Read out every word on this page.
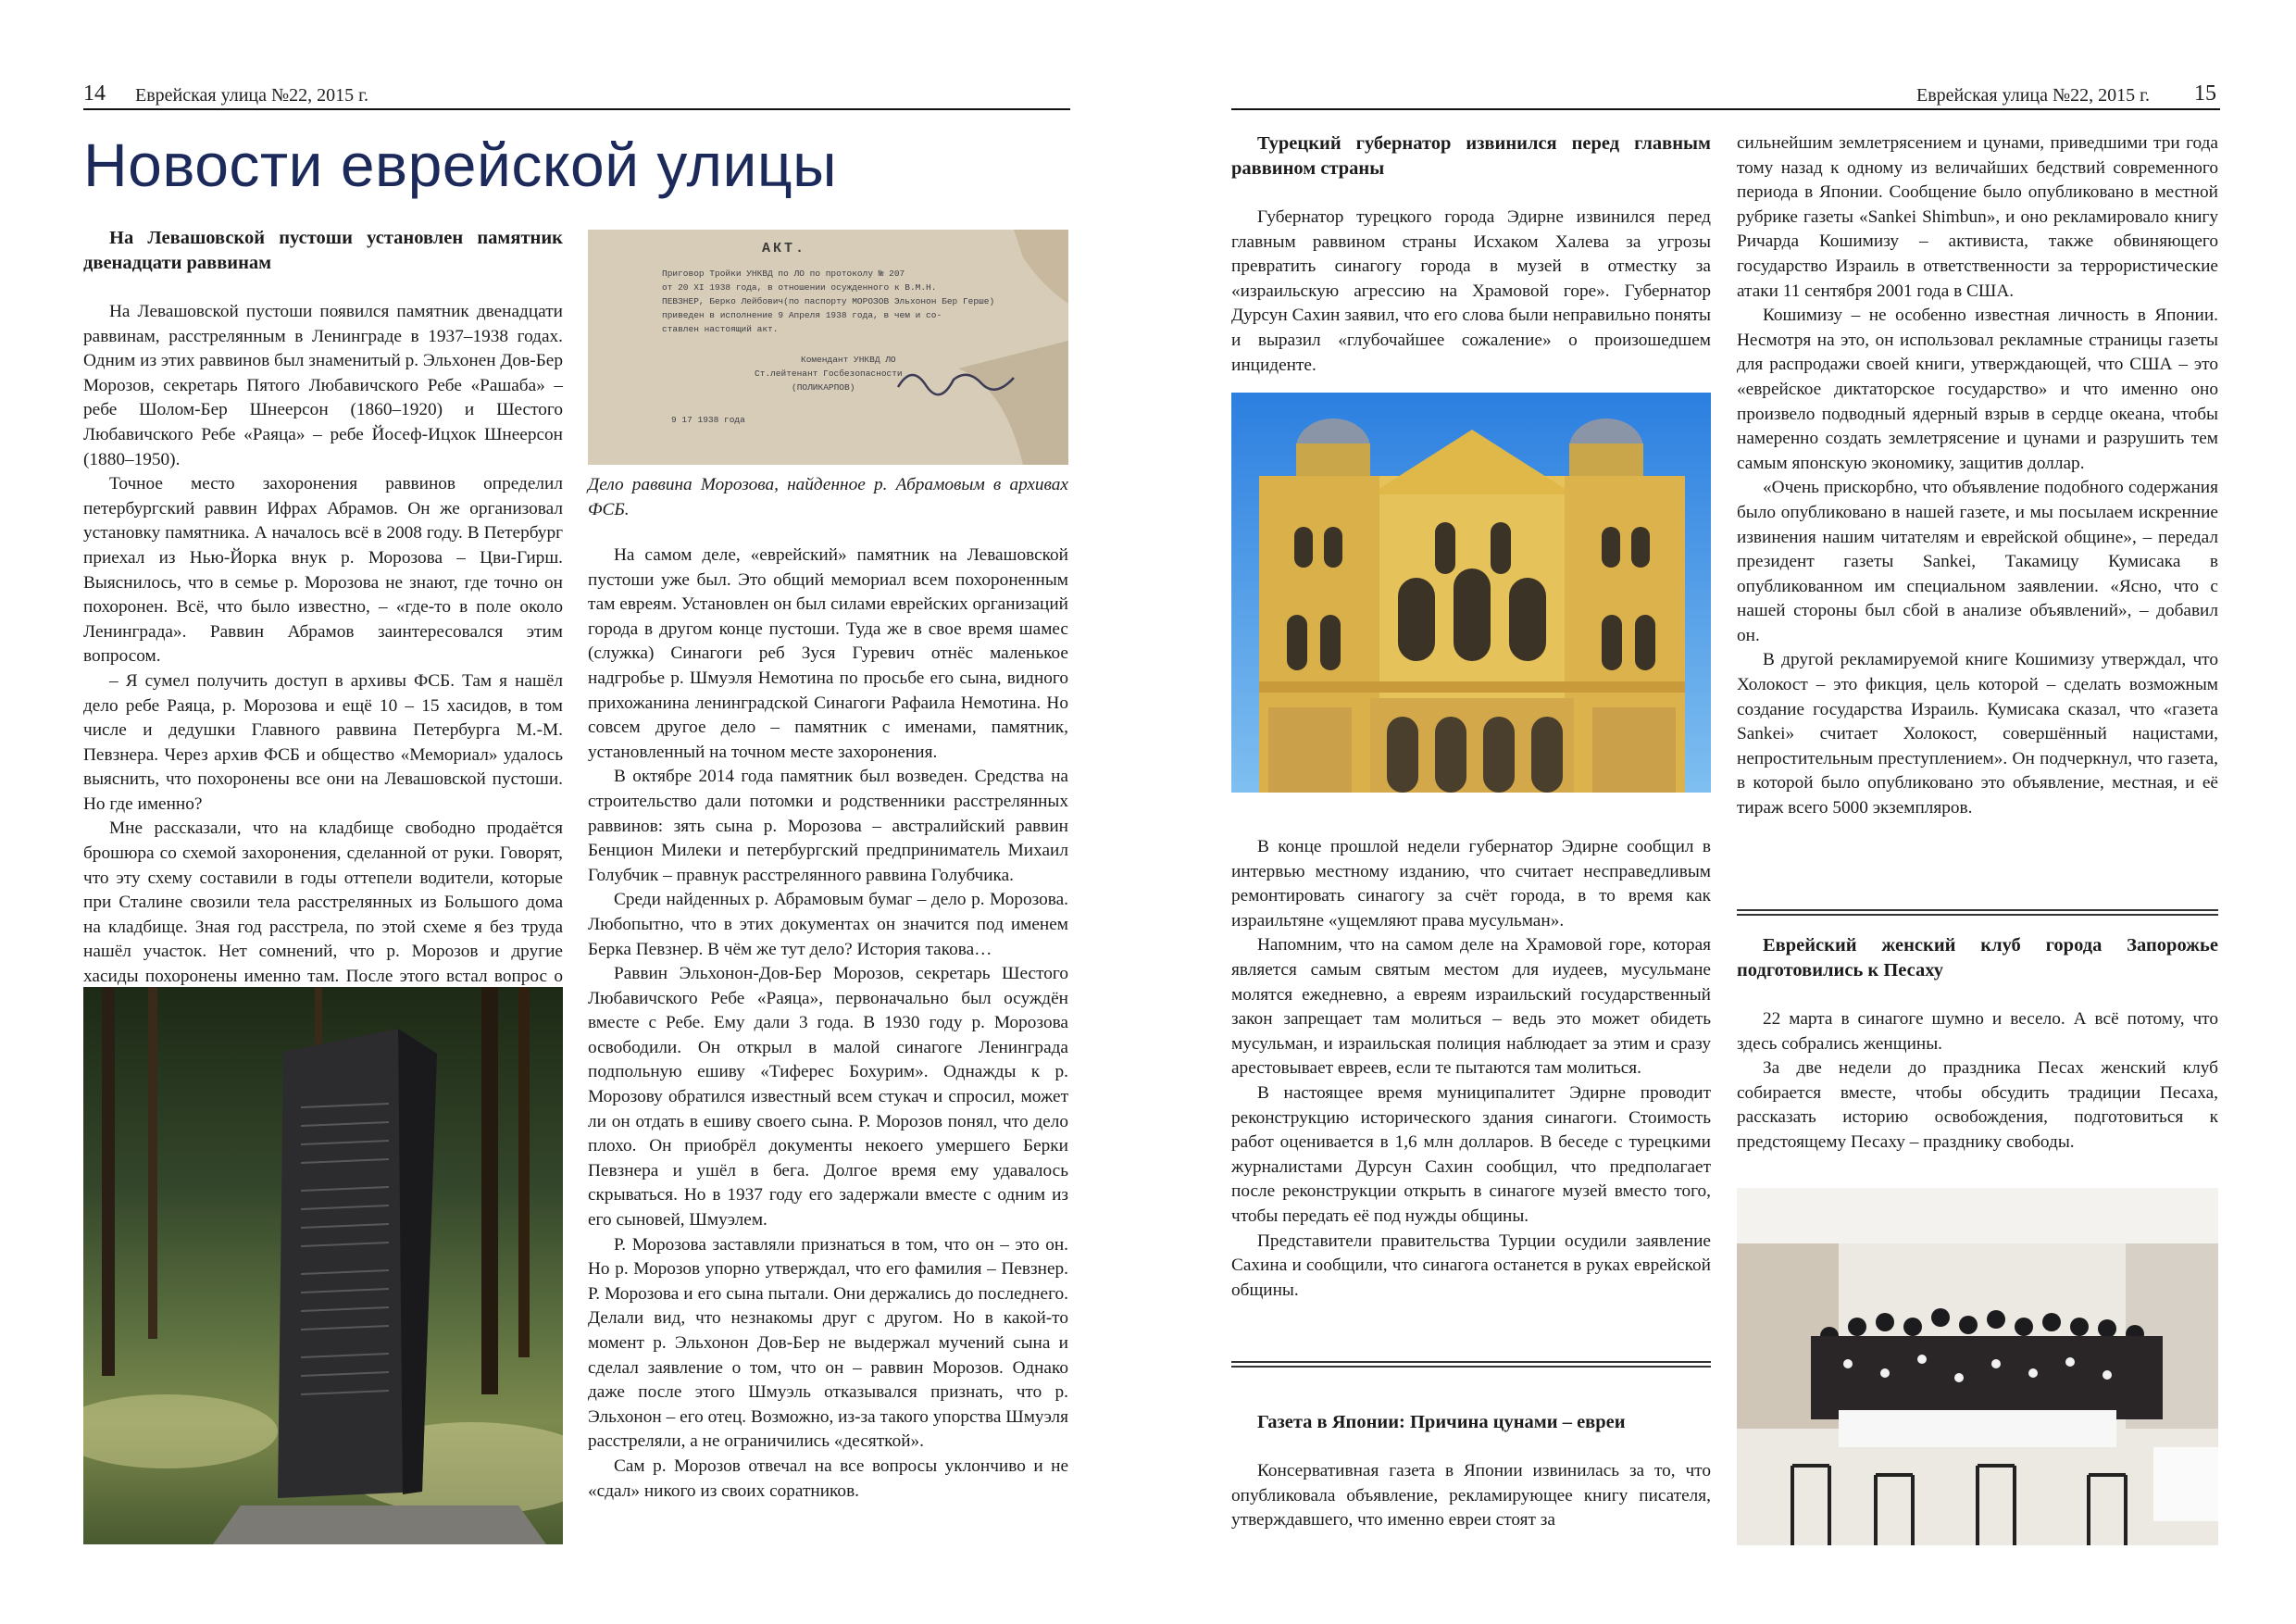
14 Еврейская улица №22, 2015 г.
Новости еврейской улицы

На Левашовской пустоши установлен памятник двенадцати раввинам

На Левашовской пустоши появился памятник двенадцати раввинам, расстрелянным в Ленинграде в 1937–1938 годах. Одним из этих раввинов был знаменитый р. Эльхонен Дов-Бер Морозов, секретарь Пятого Любавичского Ребе «Рашаба» – ребе Шолом-Бер Шнеерсон (1860–1920) и Шестого Любавичского Ребе «Раяца» – ребе Йосеф-Ицхок Шнеерсон (1880–1950).

Точное место захоронения раввинов определил петербургский раввин Ифрах Абрамов. Он же организовал установку памятника. А началось всё в 2008 году. В Петербург приехал из Нью-Йорка внук р. Морозова – Цви-Гирш. Выяснилось, что в семье р. Морозова не знают, где точно он похоронен. Всё, что было известно, – «где-то в поле около Ленинграда». Раввин Абрамов заинтересовался этим вопросом.

– Я сумел получить доступ в архивы ФСБ. Там я нашёл дело ребе Раяца, р. Морозова и ещё 10 – 15 хасидов, в том числе и дедушки Главного раввина Петербурга М.-М. Певзнера. Через архив ФСБ и общество «Мемориал» удалось выяснить, что похоронены все они на Левашовской пустоши. Но где именно?

Мне рассказали, что на кладбище свободно продаётся брошюра со схемой захоронения, сделанной от руки. Говорят, что эту схему составили в годы оттепели водители, которые при Сталине свозили тела расстрелянных из Большого дома на кладбище. Зная год расстрела, по этой схеме я без труда нашёл участок. Нет сомнений, что р. Морозов и другие хасиды похоронены именно там. После этого встал вопрос о

АКТ.
Приговор Тройки УНКВД по ЛО по протоколу № 207
от 20 XI 1938 года, в отношении осужденного к В.М.Н.
ПЕВЗНЕР, Берко Лейбович(по паспорту МОРОЗОВ Эльхонон Бер Герше)
приведен в исполнение 9 Апреля 1938 года, в чем и со-
ставлен настоящий акт.
Комендант УНКВД ЛО
Ст.лейтенант Госбезопасности
(ПОЛИКАРПОВ)
9 17 1938 года
Дело раввина Морозова, найденное р. Абрамовым в архивах ФСБ.

На самом деле, «еврейский» памятник на Левашовской пустоши уже был. Это общий мемориал всем похороненным там евреям. Установлен он был силами еврейских организаций города в другом конце пустоши. Туда же в свое время шамес (служка) Синагоги реб Зуся Гуревич отнёс маленькое надгробье р. Шмуэля Немотина по просьбе его сына, видного прихожанина ленинградской Синагоги Рафаила Немотина. Но совсем другое дело – памятник с именами, памятник, установленный на точном месте захоронения.

В октябре 2014 года памятник был возведен. Средства на строительство дали потомки и родственники расстрелянных раввинов: зять сына р. Морозова – австралийский раввин Бенцион Милеки и петербургский предприниматель Михаил Голубчик – правнук расстрелянного раввина Голубчика.

Среди найденных р. Абрамовым бумаг – дело р. Морозова. Любопытно, что в этих документах он значится под именем Берка Певзнер. В чём же тут дело? История такова…

Раввин Эльхонон-Дов-Бер Морозов, секретарь Шестого Любавичского Ребе «Раяца», первоначально был осуждён вместе с Ребе. Ему дали 3 года. В 1930 году р. Морозова освободили. Он открыл в малой синагоге Ленинграда подпольную ешиву «Тиферес Бохурим». Однажды к р. Морозову обратился известный всем стукач и спросил, может ли он отдать в ешиву своего сына. Р. Морозов понял, что дело плохо. Он приобрёл документы некоего умершего Берки Певзнера и ушёл в бега. Долгое время ему удавалось скрываться. Но в 1937 году его задержали вместе с одним из его сыновей, Шмуэлем.

Р. Морозова заставляли признаться в том, что он – это он. Но р. Морозов упорно утверждал, что его фамилия – Певзнер. Р. Морозова и его сына пытали. Они держались до последнего. Делали вид, что незнакомы друг с другом. Но в какой-то момент р. Эльхонон Дов-Бер не выдержал мучений сына и сделал заявление о том, что он – раввин Морозов. Однако даже после этого Шмуэль отказывался признать, что р. Эльхонон – его отец. Возможно, из-за такого упорства Шмуэля расстреляли, а не ограничились «десяткой».

Сам р. Морозов отвечал на все вопросы уклончиво и не «сдал» никого из своих соратников.

Еврейская улица №22, 2015 г. 15

Турецкий губернатор извинился перед главным раввином страны

Губернатор турецкого города Эдирне извинился перед главным раввином страны Исхаком Халева за угрозы превратить синагогу города в музей в отместку за «израильскую агрессию на Храмовой горе». Губернатор Дурсун Сахин заявил, что его слова были неправильно поняты и выразил «глубочайшее сожаление» о произошедшем инциденте.

В конце прошлой недели губернатор Эдирне сообщил в интервью местному изданию, что считает несправедливым ремонтировать синагогу за счёт города, в то время как израильтяне «ущемляют права мусульман».

Напомним, что на самом деле на Храмовой горе, которая является самым святым местом для иудеев, мусульмане молятся ежедневно, а евреям израильский государственный закон запрещает там молиться – ведь это может обидеть мусульман, и израильская полиция наблюдает за этим и сразу арестовывает евреев, если те пытаются там молиться.

В настоящее время муниципалитет Эдирне проводит реконструкцию исторического здания синагоги. Стоимость работ оценивается в 1,6 млн долларов. В беседе с турецкими журналистами Дурсун Сахин сообщил, что предполагает после реконструкции открыть в синагоге музей вместо того, чтобы передать её под нужды общины.

Представители правительства Турции осудили заявление Сахина и сообщили, что синагога останется в руках еврейской общины.

Газета в Японии: Причина цунами – евреи

Консервативная газета в Японии извинилась за то, что опубликовала объявление, рекламирующее книгу писателя, утверждавшего, что именно евреи стоят за

сильнейшим землетрясением и цунами, приведшими три года тому назад к одному из величайших бедствий современного периода в Японии. Сообщение было опубликовано в местной рубрике газеты «Sankei Shimbun», и оно рекламировало книгу Ричарда Кошимизу – активиста, также обвиняющего государство Израиль в ответственности за террористические атаки 11 сентября 2001 года в США.

Кошимизу – не особенно известная личность в Японии. Несмотря на это, он использовал рекламные страницы газеты для распродажи своей книги, утверждающей, что США – это «еврейское диктаторское государство» и что именно оно произвело подводный ядерный взрыв в сердце океана, чтобы намеренно создать землетрясение и цунами и разрушить тем самым японскую экономику, защитив доллар.

«Очень прискорбно, что объявление подобного содержания было опубликовано в нашей газете, и мы посылаем искренние извинения нашим читателям и еврейской общине», – передал президент газеты Sankei, Такамицу Кумисака в опубликованном им специальном заявлении. «Ясно, что с нашей стороны был сбой в анализе объявлений», – добавил он.

В другой рекламируемой книге Кошимизу утверждал, что Холокост – это фикция, цель которой – сделать возможным создание государства Израиль. Кумисака сказал, что «газета Sankei» считает Холокост, совершённый нацистами, непростительным преступлением». Он подчеркнул, что газета, в которой было опубликовано это объявление, местная, и её тираж всего 5000 экземпляров.

Еврейский женский клуб города Запорожье подготовились к Песаху

22 марта в синагоге шумно и весело. А всё потому, что здесь собрались женщины.

За две недели до праздника Песах женский клуб собирается вместе, чтобы обсудить традиции Песаха, рассказать историю освобождения, подготовиться к предстоящему Песаху – празднику свободы.
